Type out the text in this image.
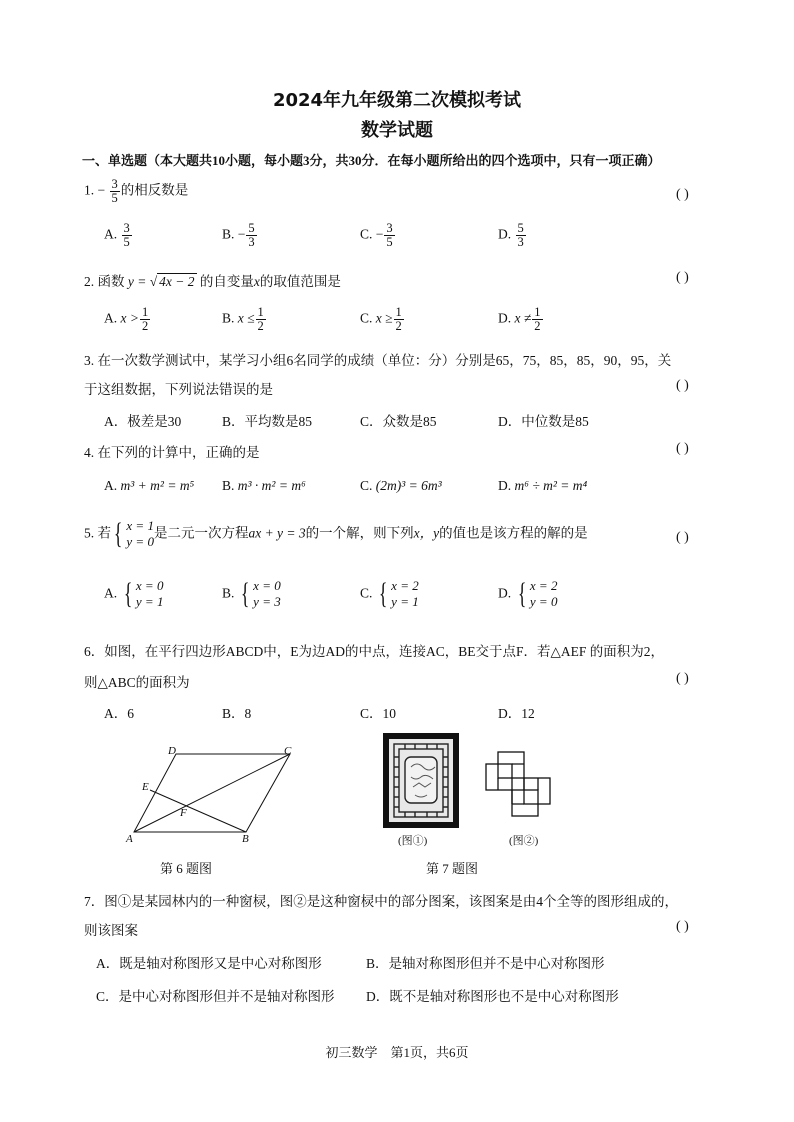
2024年九年级第二次模拟考试
数学试题
一、单选题（本大题共10小题，每小题3分，共30分．在每小题所给出的四个选项中，只有一项正确）
1. − $\frac{3}{5}$ 的相反数是	( )
A. $\frac{3}{5}$	B. − $\frac{5}{3}$	C. − $\frac{3}{5}$	D. $\frac{5}{3}$
2. 函数 y = √ 4x − 2 的自变量x的取值范围是	( )
A. $x > \frac{1}{2}$	B. $x \le \frac{1}{2}$	C. $x \ge \frac{1}{2}$	D. $x \ne \frac{1}{2}$
3. 在一次数学测试中，某学习小组6名同学的成绩（单位：分）分别是65，75，85，85，90，95，关
于这组数据，下列说法错误的是	( )
A．极差是30	B．平均数是85	C．众数是85	D．中位数是85
4. 在下列的计算中，正确的是	( )
A. m³ + m² = m⁵ B. m³ · m² = m⁶	C. (2m)³ = 6m³	D. m⁶ ÷ m² = m⁴
5. 若 { x = 1
y = 0
是二元一次方程ax + y = 3的一个解，则下列x，y的值也是该方程的解的是	( )
A. { x = 0
y = 1
B. { x = 0
y = 3
C. { x = 2
y = 1
D. { x = 2
y = 0
6．如图，在平行四边形ABCD中，E为边AD的中点，连接AC，BE交于点F．若△AEF 的面积为2，
则△ABC的面积为	( )
A．6	B．8	C．10	D．12
A	B
C
D
E
F
第 6 题图
(图①)	(图②)
第 7 题图
7．图①是某园林内的一种窗棂，图②是这种窗棂中的部分图案，该图案是由4个全等的图形组成的，
则该图案	( )
A．既是轴对称图形又是中心对称图形	B．是轴对称图形但并不是中心对称图形
C．是中心对称图形但并不是轴对称图形 D．既不是轴对称图形也不是中心对称图形
初三数学　第1页，共6页
